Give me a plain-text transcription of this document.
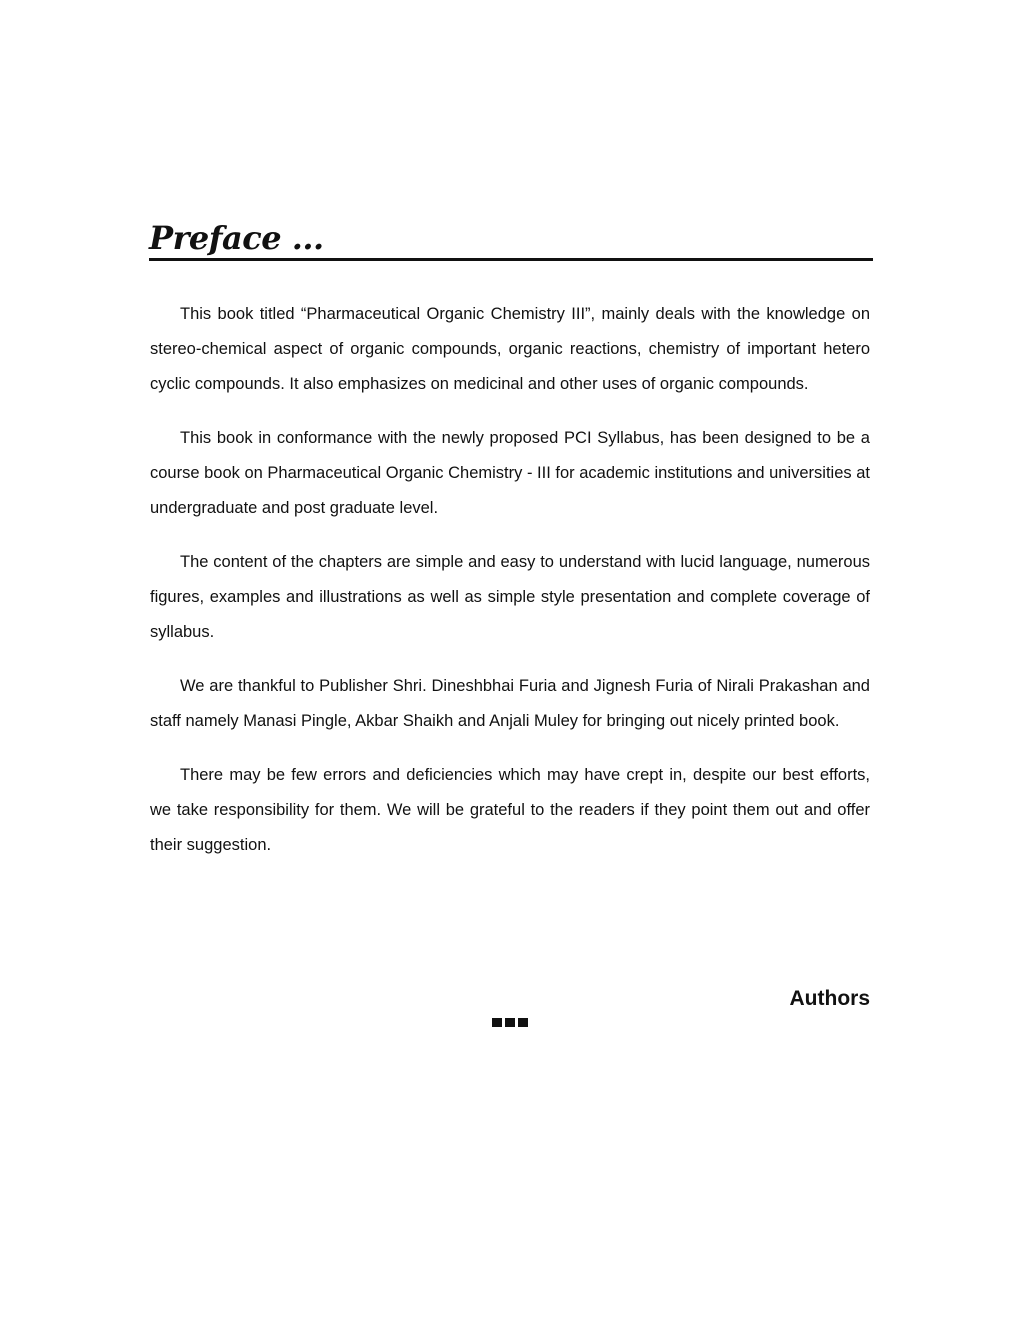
Preface ...

This book titled “Pharmaceutical Organic Chemistry III”, mainly deals with the knowledge on stereo-chemical aspect of organic compounds, organic reactions, chemistry of important hetero cyclic compounds. It also emphasizes on medicinal and other uses of organic compounds.

This book in conformance with the newly proposed PCI Syllabus, has been designed to be a course book on Pharmaceutical Organic Chemistry - III for academic institutions and universities at undergraduate and post graduate level.

The content of the chapters are simple and easy to understand with lucid language, numerous figures, examples and illustrations as well as simple style presentation and complete coverage of syllabus.

We are thankful to Publisher Shri. Dineshbhai Furia and Jignesh Furia of Nirali Prakashan and staff namely Manasi Pingle, Akbar Shaikh and Anjali Muley for bringing out nicely printed book.

There may be few errors and deficiencies which may have crept in, despite our best efforts, we take responsibility for them. We will be grateful to the readers if they point them out and offer their suggestion.

Authors
